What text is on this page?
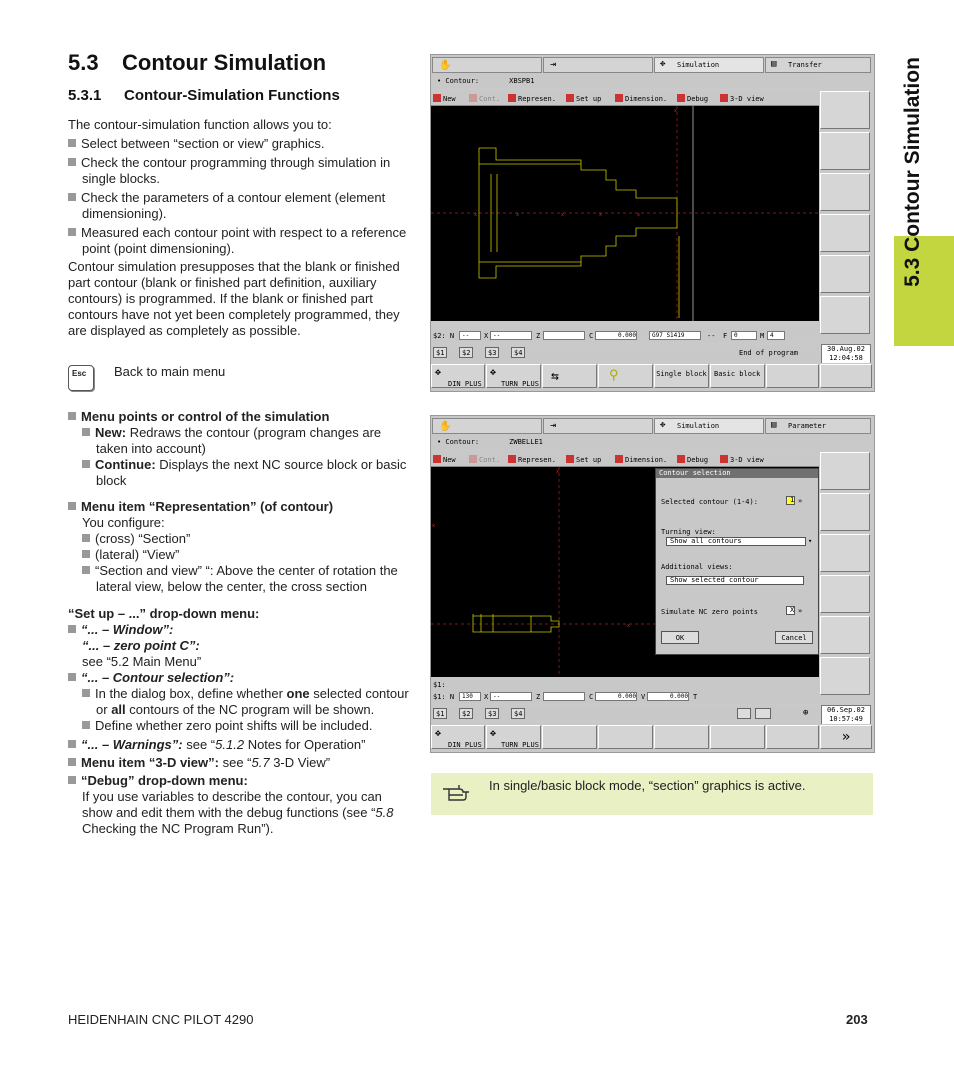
5.3 Contour Simulation
5.3.1 Contour-Simulation Functions
The contour-simulation function allows you to:
Select between “section or view” graphics.
Check the contour programming through simulation in single blocks.
Check the parameters of a contour element (element dimensioning).
Measured each contour point with respect to a reference point (point dimensioning).
Contour simulation presupposes that the blank or finished part contour (blank or finished part definition, auxiliary contours) is programmed. If the blank or finished part contours have not yet been completely programmed, they are displayed as completely as possible.
Esc	Back to main menu
Menu points or control of the simulation
New: Redraws the contour (program changes are taken into account)
Continue: Displays the next NC source block or basic block
Menu item “Representation” (of contour)
You configure:
(cross) “Section”
(lateral) “View”
“Section and view” “: Above the center of rotation the lateral view, below the center, the cross section
“Set up – ...” drop-down menu:
“... – Window”:
“... – zero point C”:
see “5.2 Main Menu”
“... – Contour selection”:
In the dialog box, define whether one selected contour or all contours of the NC program will be shown.
Define whether zero point shifts will be included.
“... – Warnings”: see “5.1.2 Notes for Operation”
Menu item “3-D view”: see “5.7 3-D View”
“Debug” drop-down menu:
If you use variables to describe the contour, you can show and edit them with the debug functions (see “5.8 Checking the NC Program Run”).
5.3 Contour Simulation
✋	⇥	✥ Simulation	▤ Transfer
• Contour:	XBSPB1
New	Cont.	Represen.	Set up	Dimension.	Debug	3-D view
x	x	x	x	x
x
$2: N	--	X --	Z	C	0.000	G97 S1419	-- F	0	M 4
$1	$2	$3	$4	End of program	30.Aug.02
12:04:58
✥
DIN PLUS
✥
TURN PLUS ⇆	⚲	Single block	Basic block
✋	⇥	✥ Simulation	▤ Parameter
• Contour:	ZWBELLE1
New	Cont.	Represen.	Set up	Dimension.	Debug	3-D view
x
x
x
Contour selection
Selected contour (1-4):	1 »
Turning view:
Show all contours	▾
Additional views:
Show selected contour
Simulate NC zero points	X »
OK	Cancel
$1:
$1: N	130	X --	Z	C	0.000 V	0.000 T
$1	$2	$3	$4	⊕	06.Sep.02
10:57:49
✥
DIN PLUS
✥
TURN PLUS	»
In single/basic block mode, “section” graphics is active.
HEIDENHAIN CNC PILOT 4290	203
